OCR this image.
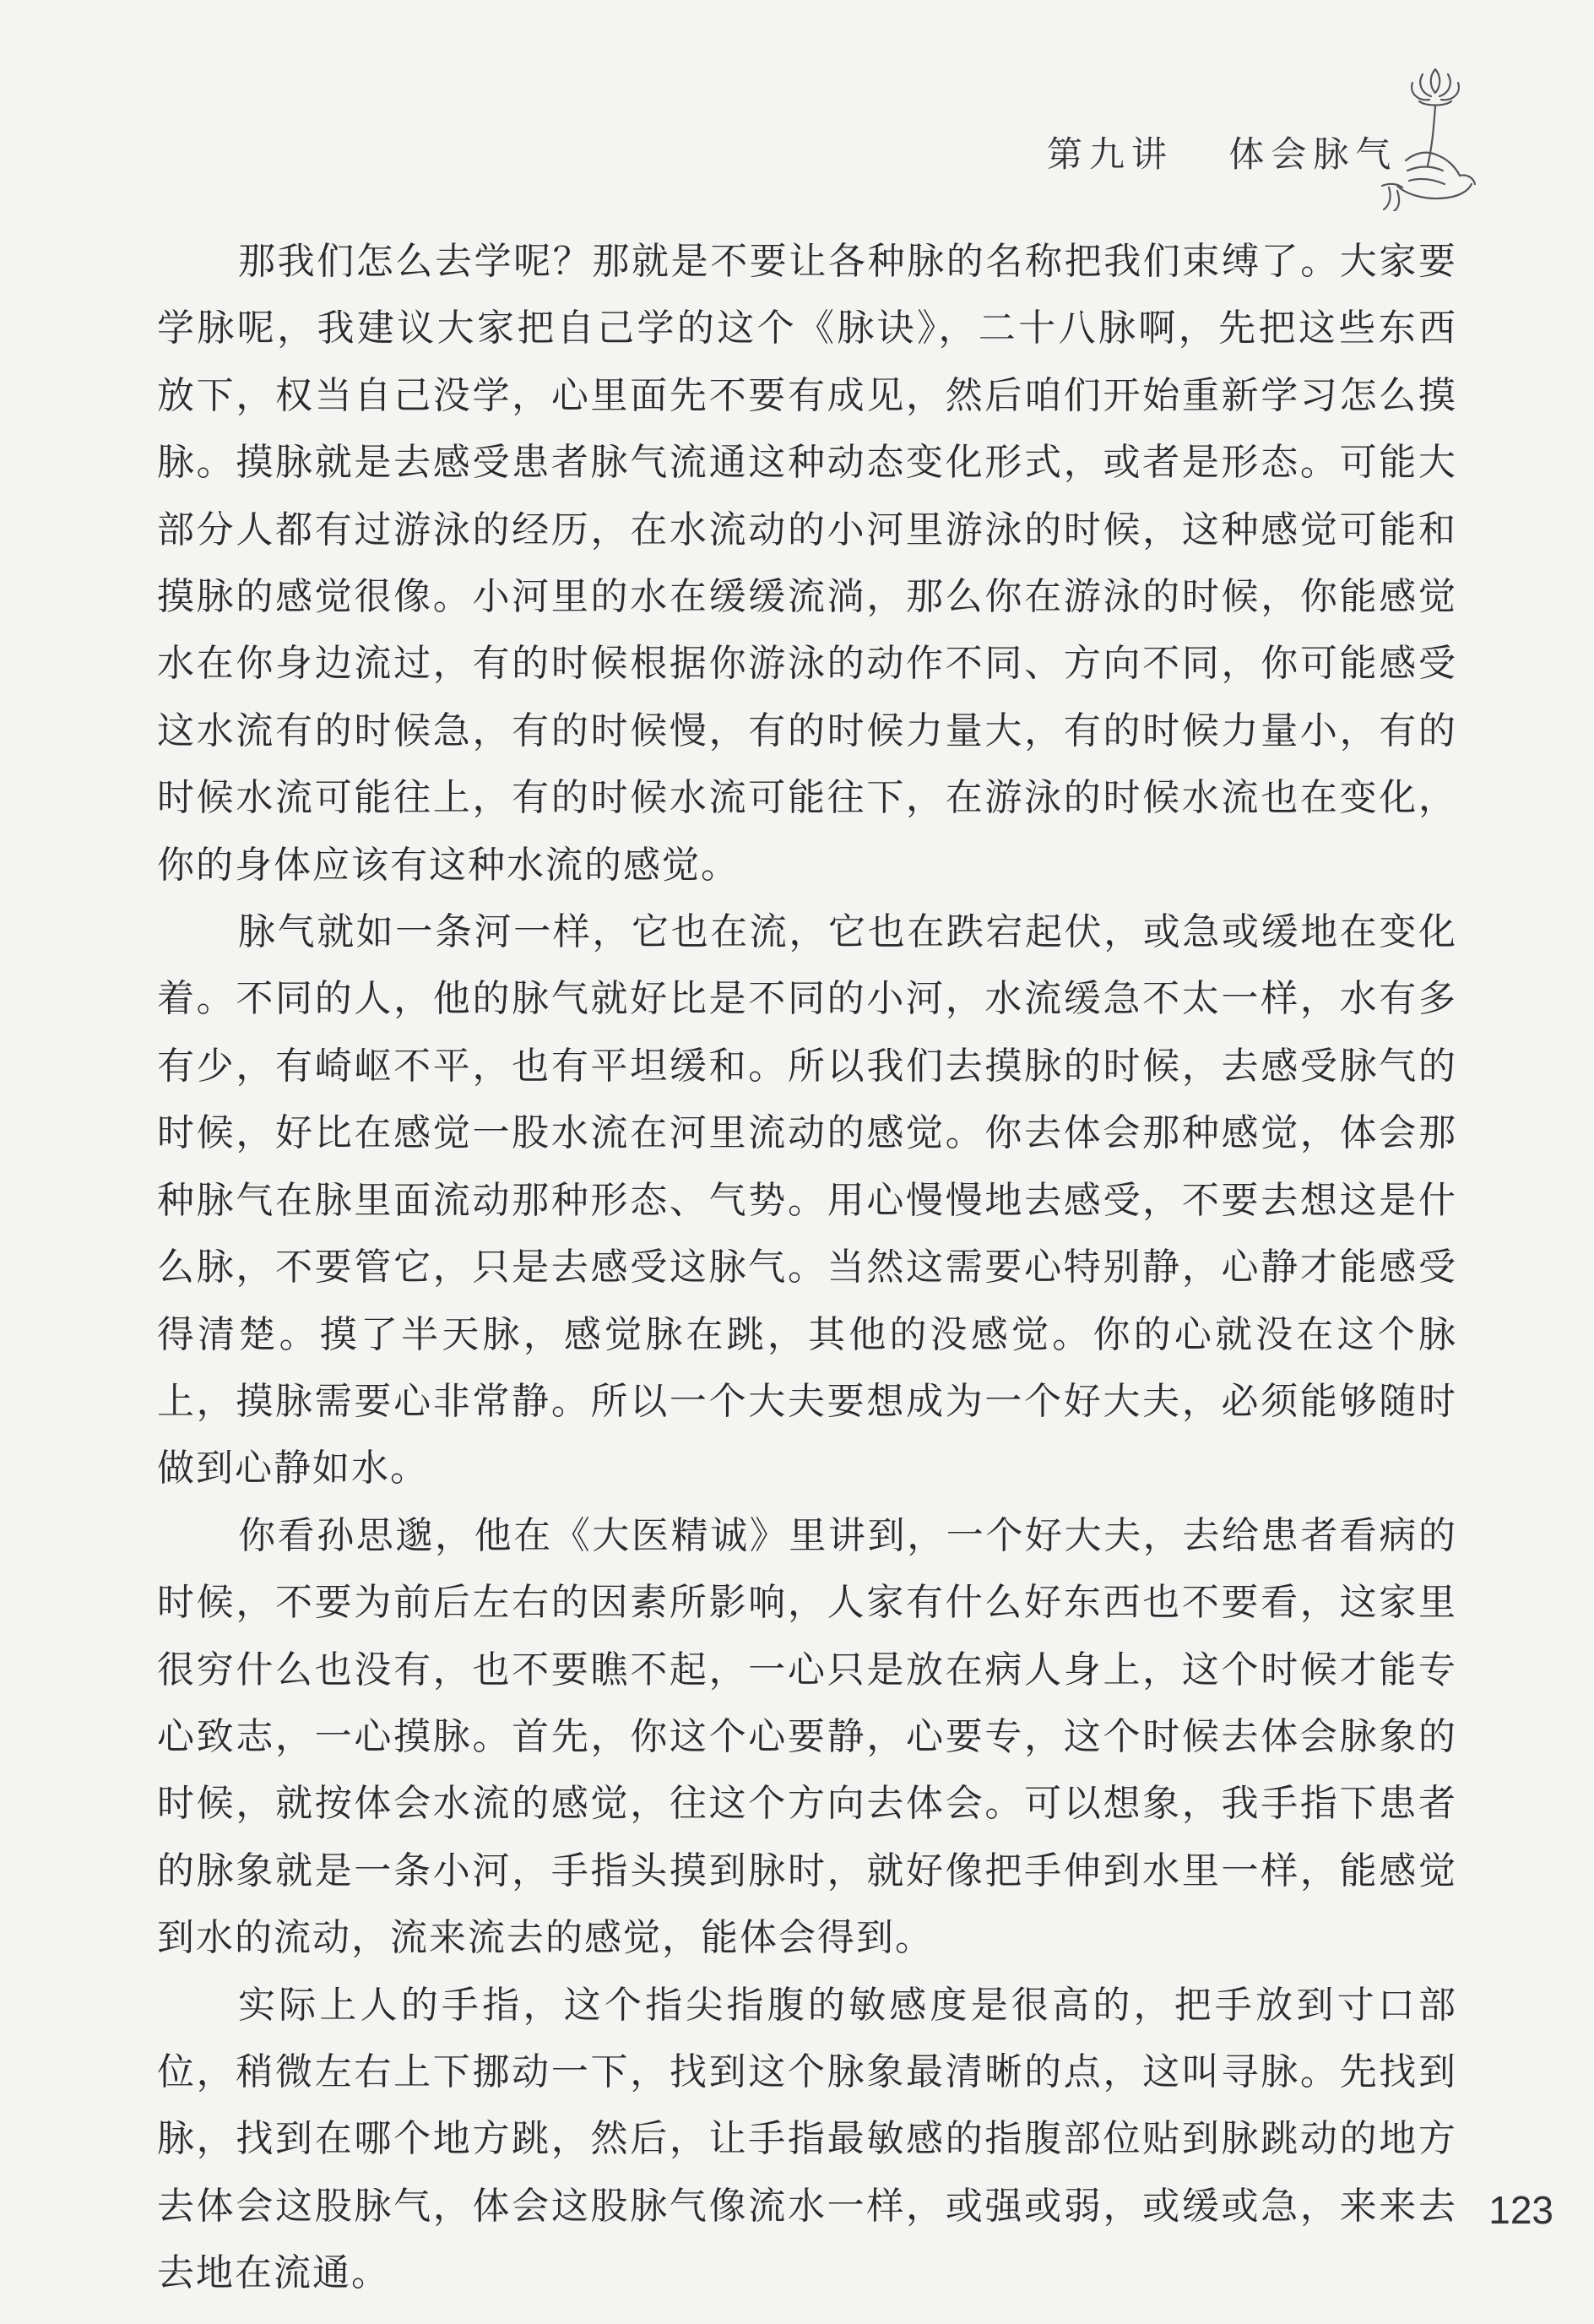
第九讲 体会脉气

那我们怎么去学呢？那就是不要让各种脉的名称把我们束缚了。大家要学脉呢，我建议大家把自己学的这个《脉诀》，二十八脉啊，先把这些东西放下，权当自己没学，心里面先不要有成见，然后咱们开始重新学习怎么摸脉。摸脉就是去感受患者脉气流通这种动态变化形式，或者是形态。可能大部分人都有过游泳的经历，在水流动的小河里游泳的时候，这种感觉可能和摸脉的感觉很像。小河里的水在缓缓流淌，那么你在游泳的时候，你能感觉水在你身边流过，有的时候根据你游泳的动作不同、方向不同，你可能感受这水流有的时候急，有的时候慢，有的时候力量大，有的时候力量小，有的时候水流可能往上，有的时候水流可能往下，在游泳的时候水流也在变化，你的身体应该有这种水流的感觉。

脉气就如一条河一样，它也在流，它也在跌宕起伏，或急或缓地在变化着。不同的人，他的脉气就好比是不同的小河，水流缓急不太一样，水有多有少，有崎岖不平，也有平坦缓和。所以我们去摸脉的时候，去感受脉气的时候，好比在感觉一股水流在河里流动的感觉。你去体会那种感觉，体会那种脉气在脉里面流动那种形态、气势。用心慢慢地去感受，不要去想这是什么脉，不要管它，只是去感受这脉气。当然这需要心特别静，心静才能感受得清楚。摸了半天脉，感觉脉在跳，其他的没感觉。你的心就没在这个脉上，摸脉需要心非常静。所以一个大夫要想成为一个好大夫，必须能够随时做到心静如水。

你看孙思邈，他在《大医精诚》里讲到，一个好大夫，去给患者看病的时候，不要为前后左右的因素所影响，人家有什么好东西也不要看，这家里很穷什么也没有，也不要瞧不起，一心只是放在病人身上，这个时候才能专心致志，一心摸脉。首先，你这个心要静，心要专，这个时候去体会脉象的时候，就按体会水流的感觉，往这个方向去体会。可以想象，我手指下患者的脉象就是一条小河，手指头摸到脉时，就好像把手伸到水里一样，能感觉到水的流动，流来流去的感觉，能体会得到。

实际上人的手指，这个指尖指腹的敏感度是很高的，把手放到寸口部位，稍微左右上下挪动一下，找到这个脉象最清晰的点，这叫寻脉。先找到脉，找到在哪个地方跳，然后，让手指最敏感的指腹部位贴到脉跳动的地方去体会这股脉气，体会这股脉气像流水一样，或强或弱，或缓或急，来来去去地在流通。

123
